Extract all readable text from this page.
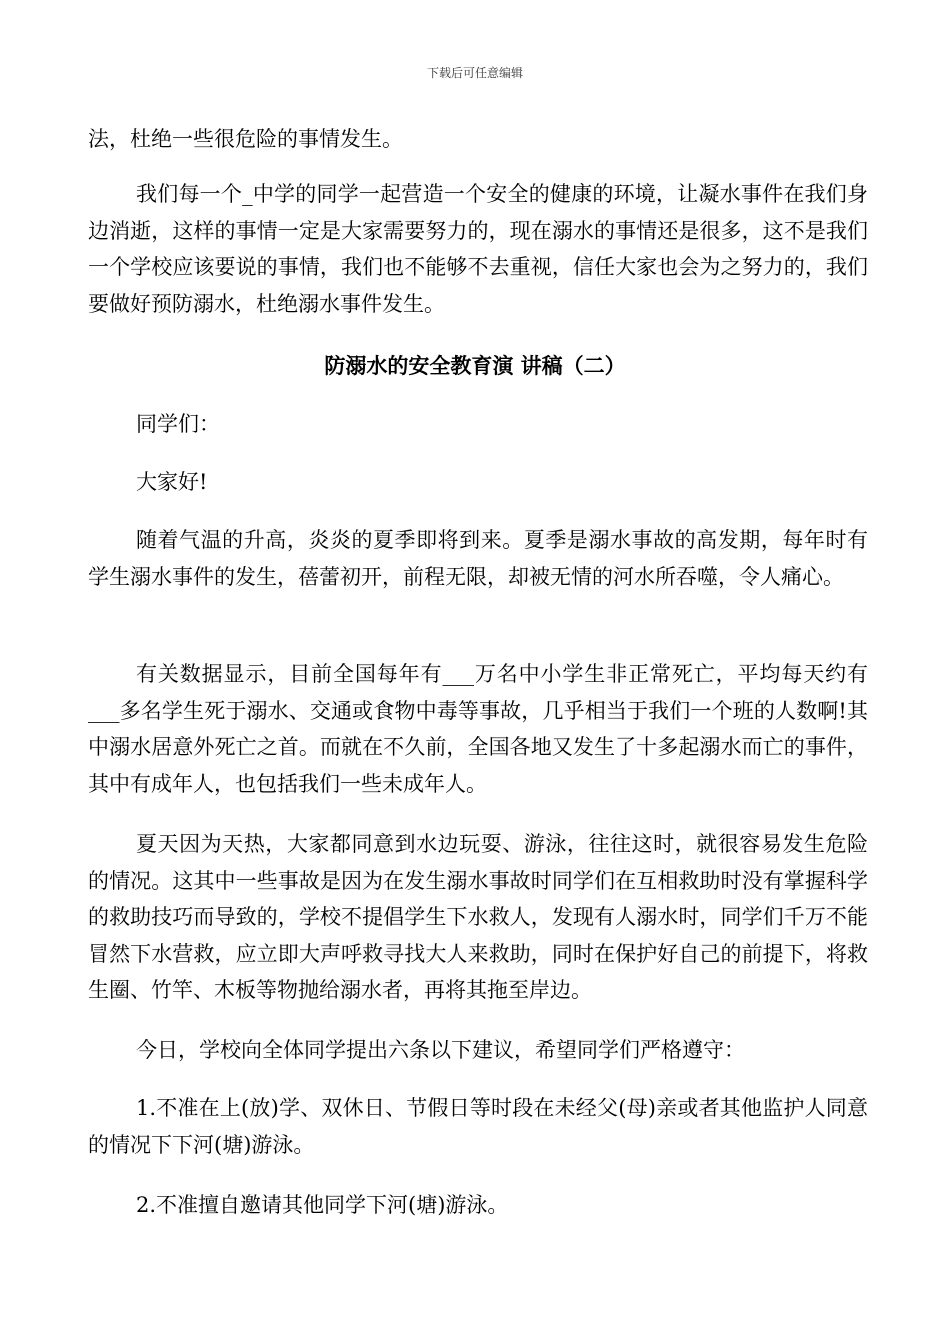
下载后可任意编辑
法，杜绝一些很危险的事情发生。
我们每一个_中学的同学一起营造一个安全的健康的环境，让凝水事件在我们身边消逝，这样的事情一定是大家需要努力的，现在溺水的事情还是很多，这不是我们一个学校应该要说的事情，我们也不能够不去重视，信任大家也会为之努力的，我们要做好预防溺水，杜绝溺水事件发生。
防溺水的安全教育演 讲稿（二）
同学们：
大家好!
随着气温的升高，炎炎的夏季即将到来。夏季是溺水事故的高发期，每年时有学生溺水事件的发生，蓓蕾初开，前程无限，却被无情的河水所吞噬，令人痛心。
有关数据显示，目前全国每年有___万名中小学生非正常死亡，平均每天约有___多名学生死于溺水、交通或食物中毒等事故，几乎相当于我们一个班的人数啊!其中溺水居意外死亡之首。而就在不久前，全国各地又发生了十多起溺水而亡的事件，其中有成年人，也包括我们一些未成年人。
夏天因为天热，大家都同意到水边玩耍、游泳，往往这时，就很容易发生危险的情况。这其中一些事故是因为在发生溺水事故时同学们在互相救助时没有掌握科学的救助技巧而导致的，学校不提倡学生下水救人，发现有人溺水时，同学们千万不能冒然下水营救，应立即大声呼救寻找大人来救助，同时在保护好自己的前提下，将救生圈、竹竿、木板等物抛给溺水者，再将其拖至岸边。
今日，学校向全体同学提出六条以下建议，希望同学们严格遵守：
1.不准在上(放)学、双休日、节假日等时段在未经父(母)亲或者其他监护人同意的情况下下河(塘)游泳。
2.不准擅自邀请其他同学下河(塘)游泳。
